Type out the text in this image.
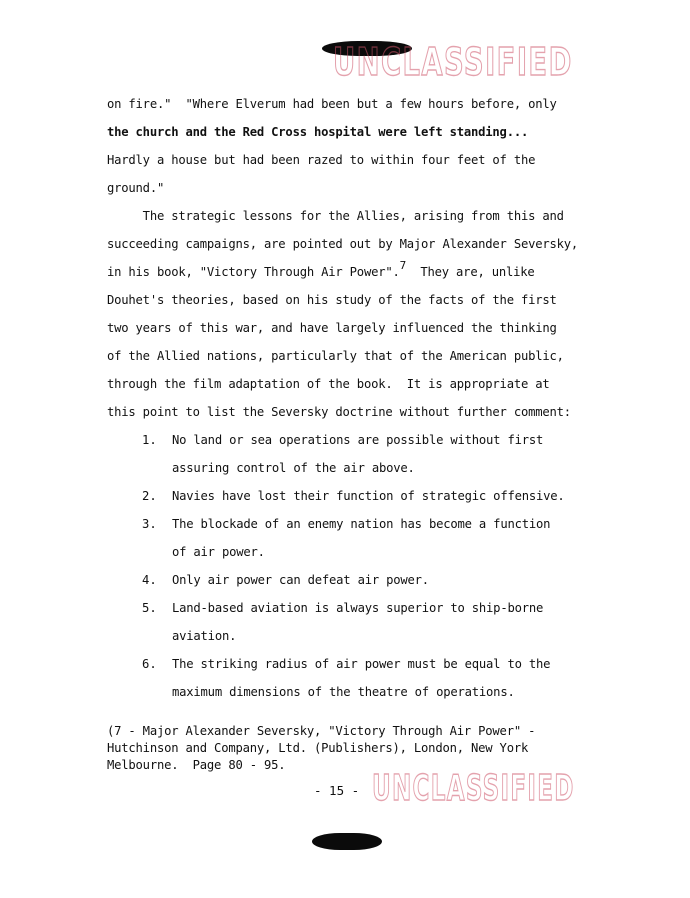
UNCLASSIFIED
on fire."  "Where Elverum had been but a few hours before, only
the church and the Red Cross hospital were left standing...
Hardly a house but had been razed to within four feet of the
ground."
The strategic lessons for the Allies, arising from this and
succeeding campaigns, are pointed out by Major Alexander Seversky,
in his book, "Victory Through Air Power".7  They are, unlike
Douhet's theories, based on his study of the facts of the first
two years of this war, and have largely influenced the thinking
of the Allied nations, particularly that of the American public,
through the film adaptation of the book.  It is appropriate at
this point to list the Seversky doctrine without further comment:
1. No land or sea operations are possible without first
assuring control of the air above.
2. Navies have lost their function of strategic offensive.
3. The blockade of an enemy nation has become a function
of air power.
4. Only air power can defeat air power.
5. Land-based aviation is always superior to ship-borne
aviation.
6. The striking radius of air power must be equal to the
maximum dimensions of the theatre of operations.
(7 - Major Alexander Seversky, "Victory Through Air Power" -
Hutchinson and Company, Ltd. (Publishers), London, New York
Melbourne.  Page 80 - 95.
- 15 - UNCLASSIFIED
